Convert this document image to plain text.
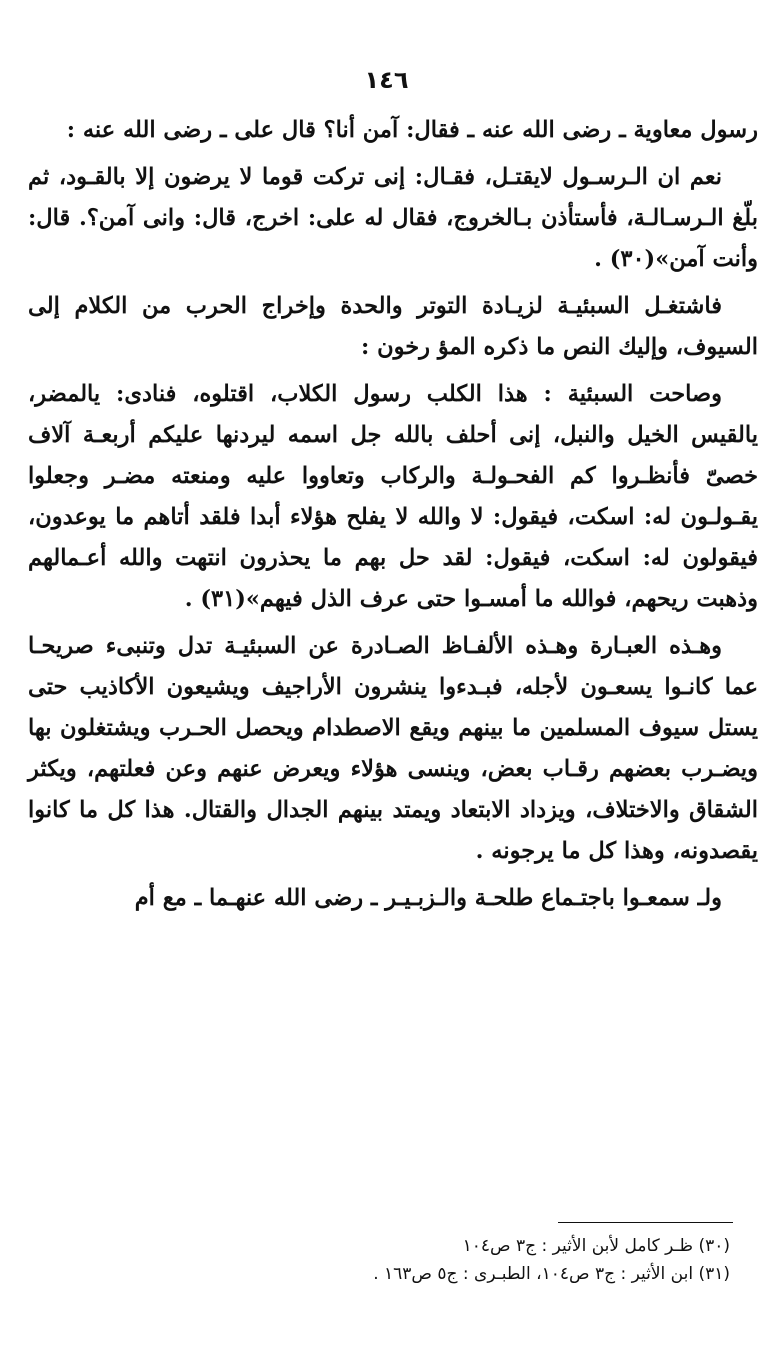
١٤٦

رسول معاوية ـ رضى الله عنه ـ فقال: آمن أنا؟ قال على ـ رضى الله عنه :

نعم ان الـرسـول لايقتـل، فقـال: إنى تركت قوما لا يرضون إلا بالقـود، ثم بلّغ الـرسـالـة، فأستأذن بـالخروج، فقال له على: اخرج، قال: وانى آمن؟. قال: وأنت آمن»(٣٠) .

فاشتغـل السبئيـة لزيـادة التوتر والحدة وإخراج الحرب من الكلام إلى السيوف، وإليك النص ما ذكره المؤ رخون :

وصاحت السبئية : هذا الكلب رسول الكلاب، اقتلوه، فنادى: يالمضر، يالقيس الخيل والنبل، إنى أحلف بالله جل اسمه ليردنها عليكم أربعـة آلاف خصىّ فأنظـروا كم الفحـولـة والركاب وتعاووا عليه ومنعته مضـر وجعلوا يقـولـون له: اسكت، فيقول: لا والله لا يفلح هؤلاء أبدا فلقد أتاهم ما يوعدون، فيقولون له: اسكت، فيقول: لقد حل بهم ما يحذرون انتهت والله أعـمالهم وذهبت ريحهم، فوالله ما أمسـوا حتى عرف الذل فيهم»(٣١) .

وهـذه العبـارة وهـذه الألفـاظ الصـادرة عن السبئيـة تدل وتنبىء صريحـا عما كانـوا يسعـون لأجله، فبـدءوا ينشرون الأراجيف ويشيعون الأكاذيب حتى يستل سيوف المسلمين ما بينهم ويقع الاصطدام ويحصل الحـرب ويشتغلون بها ويضـرب بعضهم رقـاب بعض، وينسى هؤلاء ويعرض عنهم وعن فعلتهم، ويكثر الشقاق والاختلاف، ويزداد الابتعاد ويمتد بينهم الجدال والقتال. هذا كل ما كانوا يقصدونه، وهذا كل ما يرجونه .

ولـ سمعـوا باجتـماع طلحـة والـزبـيـر ـ رضى الله عنهـما ـ مع أم

(٣٠) ظـر كامل لأبن الأثير : ج٣ ص١٠٤
(٣١) ابن الأثير : ج٣ ص١٠٤، الطبـرى : ج٥ ص١٦٣ .
